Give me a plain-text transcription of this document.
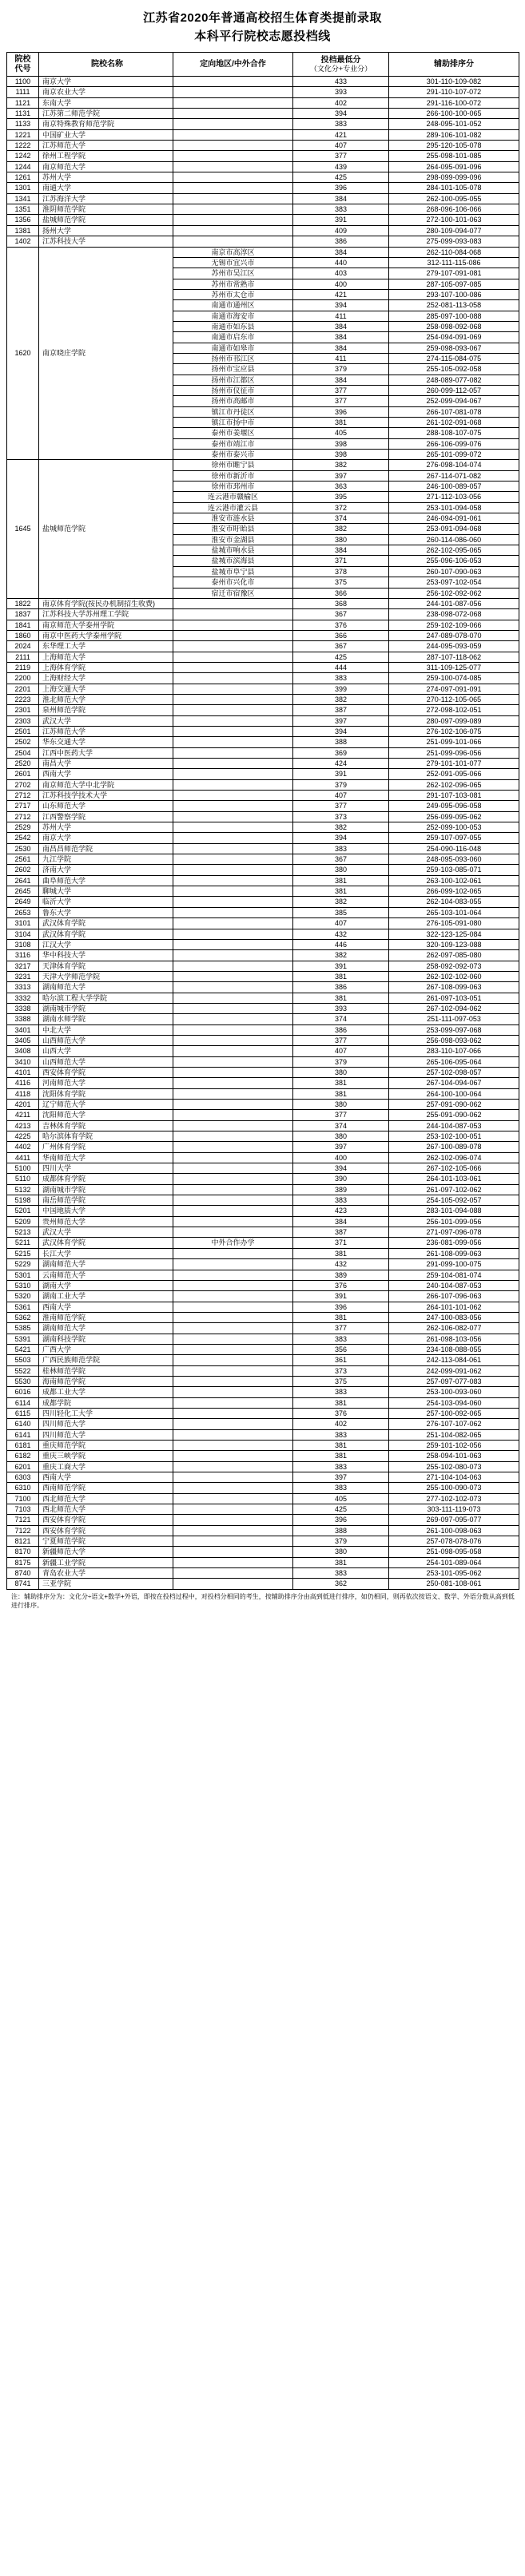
江苏省2020年普通高校招生体育类提前录取
本科平行院校志愿投档线
院校
代号
	院校名称	定向地区/中外合作	投档最低分
（文化分+专业分）
	辅助排序分
1100	南京大学		433	301-110-109-082
1111	南京农业大学		393	291-110-107-072
1121	东南大学		402	291-116-100-072
1131	江苏第二师范学院		394	266-100-100-065
1133	南京特殊教育师范学院		383	248-095-101-052
1221	中国矿业大学		421	289-106-101-082
1222	江苏师范大学		407	295-120-105-078
1242	徐州工程学院		377	255-098-101-085
1244	南京师范大学		439	264-095-091-096
1261	苏州大学		425	298-099-099-096
1301	南通大学		396	284-101-105-078
1341	江苏海洋大学		384	262-100-095-055
1351	淮阴师范学院		383	268-096-106-066
1356	盐城师范学院		391	272-100-101-063
1381	扬州大学		409	280-109-094-077
1402	江苏科技大学		386	275-099-093-083
1620	南京晓庄学院	南京市高淳区	384	262-110-084-068
		无锡市宜兴市	440	312-111-115-086
		苏州市吴江区	403	279-107-091-081
		苏州市常熟市	400	287-105-097-085
		苏州市太仓市	421	293-107-100-086
		南通市通州区	394	252-081-113-058
		南通市海安市	411	285-097-100-088
		南通市如东县	384	258-098-092-068
		南通市启东市	384	254-094-091-069
		南通市如皋市	384	259-098-093-067
		扬州市邗江区	411	274-115-084-075
		扬州市宝应县	379	255-105-092-058
		扬州市江都区	384	248-089-077-082
		扬州市仪征市	377	260-099-112-057
		扬州市高邮市	377	252-099-094-067
		镇江市丹徒区	396	266-107-081-078
		镇江市扬中市	381	261-102-091-068
		泰州市姜堰区	405	288-108-107-075
		泰州市靖江市	398	266-106-099-076
		泰州市泰兴市	398	265-101-099-072
1645	盐城师范学院	徐州市睢宁县	382	276-098-104-074
		徐州市新沂市	397	267-114-071-082
		徐州市邳州市	363	246-100-089-057
		连云港市赣榆区	395	271-112-103-056
		连云港市灌云县	372	253-101-094-058
		淮安市涟水县	374	246-094-091-061
		淮安市盱眙县	382	253-091-094-068
		淮安市金湖县	380	260-114-086-060
		盐城市响水县	384	262-102-095-065
		盐城市滨海县	371	255-096-106-053
		盐城市阜宁县	378	260-107-090-063
		泰州市兴化市	375	253-097-102-054
		宿迁市宿豫区	366	256-102-092-062
1822	南京体育学院(按民办机制招生收费)		368	244-101-087-056
1837	江苏科技大学苏州理工学院		367	238-098-072-068
1841	南京师范大学泰州学院		376	259-102-109-066
1860	南京中医药大学泰州学院		366	247-089-078-070
2024	东华理工大学		367	244-095-093-059
2111	上海师范大学		425	287-107-118-062
2119	上海体育学院		444	311-109-125-077
2200	上海财经大学		383	259-100-074-085
2201	上海交通大学		399	274-097-091-091
2223	淮北师范大学		382	270-112-105-065
2301	泉州师范学院		387	272-098-102-051
2303	武汉大学		397	280-097-099-089
2501	江苏师范大学		394	276-102-106-075
2502	华东交通大学		388	251-099-101-066
2504	江西中医药大学		369	251-099-096-056
2520	南昌大学		424	279-101-101-077
2601	西南大学		391	252-091-095-066
2702	南京师范大学中北学院		379	262-102-096-065
2712	江苏科技学技术大学		407	291-107-103-081
2717	山东师范大学		377	249-095-096-058
2712	江西警察学院		373	256-099-095-062
2529	苏州大学		382	252-099-100-053
2542	南京大学		394	259-107-097-055
2530	南昌昌师范学院		383	254-090-116-048
2561	九江学院		367	248-095-093-060
2602	济南大学		380	259-103-085-071
2641	曲阜师范大学		381	263-100-102-061
2645	聊城大学		381	266-099-102-065
2649	临沂大学		382	262-104-083-055
2653	鲁东大学		385	265-103-101-064
3101	武汉体育学院		407	276-105-091-080
3104	武汉体育学院		432	322-123-125-084
3108	江汉大学		446	320-109-123-088
3116	华中科技大学		382	262-097-085-080
3217	天津体育学院		391	258-092-092-073
3231	天津大学师范学院		381	262-102-102-060
3313	湖南师范大学		386	267-108-099-063
3332	哈尔滨工程大学学院		381	261-097-103-051
3338	湖南城市学院		393	267-102-094-062
3388	湖南水师学院		374	251-111-097-053
3401	中北大学		386	253-099-097-068
3405	山西师范大学		377	256-098-093-062
3408	山西大学		407	283-110-107-066
3410	山西师范大学		379	265-106-095-064
4101	西安体育学院		380	257-102-098-057
4116	河南师范大学		381	267-104-094-067
4118	沈阳体育学院		381	264-100-100-064
4201	辽宁师范大学		380	257-091-090-062
4211	沈阳师范大学		377	255-091-090-062
4213	吉林体育学院		374	244-104-087-053
4225	哈尔滨体育学院		380	253-102-100-051
4402	广州体育学院		397	267-100-089-078
4411	华南师范大学		400	262-102-096-074
5100	四川大学		394	267-102-105-066
5110	成都体育学院		390	264-101-103-061
5132	湖南城市学院		389	261-097-102-062
5198	南岳师范学院		383	254-105-092-057
5201	中国地质大学		423	283-101-094-088
5209	贵州师范大学		384	256-101-099-056
5213	武汉大学		387	271-097-096-078
5211	武汉体育学院	中外合作办学	371	236-081-099-056
5215	长江大学		381	261-108-099-063
5229	湖南师范大学		432	291-099-100-075
5301	云南师范大学		389	259-104-081-074
5310	湖南大学		376	240-104-087-053
5320	湖南工业大学		391	266-107-096-063
5361	西南大学		396	264-101-101-062
5362	淮南师范学院		381	247-100-083-056
5385	湖南师范大学		377	262-106-082-077
5391	湖南科技学院		383	261-098-103-056
5421	广西大学		356	234-108-088-055
5503	广西民族师范学院		361	242-113-084-061
5522	桂林师范学院		373	242-099-091-062
5530	海南师范学院		375	257-097-077-083
6016	成都工业大学		383	253-100-093-060
6114	成都学院		381	254-103-094-060
6115	四川轻化工大学		376	257-100-092-065
6140	四川师范大学		402	276-107-107-062
6141	四川师范大学		383	251-104-082-065
6181	重庆师范学院		381	259-101-102-056
6182	重庆三峡学院		381	258-094-101-063
6201	重庆工商大学		383	255-102-080-073
6303	西南大学		397	271-104-104-063
6310	西南师范学院		383	255-100-090-073
7100	西北师范大学		405	277-102-102-073
7103	西北师范大学		425	303-111-119-073
7121	西安体育学院		396	269-097-095-077
7122	西安体育学院		388	261-100-098-063
8121	宁夏师范学院		379	257-078-078-076
8170	新疆师范大学		380	251-098-095-058
8175	新疆工业学院		381	254-101-089-064
8740	青岛农业大学		383	253-101-095-062
8741	三亚学院		362	250-081-108-061
注：辅助排序分为：文化分÷语文+数学+外语，即按在投档过程中，对投档分相同的考生，按辅助排序分由高到低进行排序，如仍相同，则再依次按语文、数学、外语分数从高到低进行排序。
